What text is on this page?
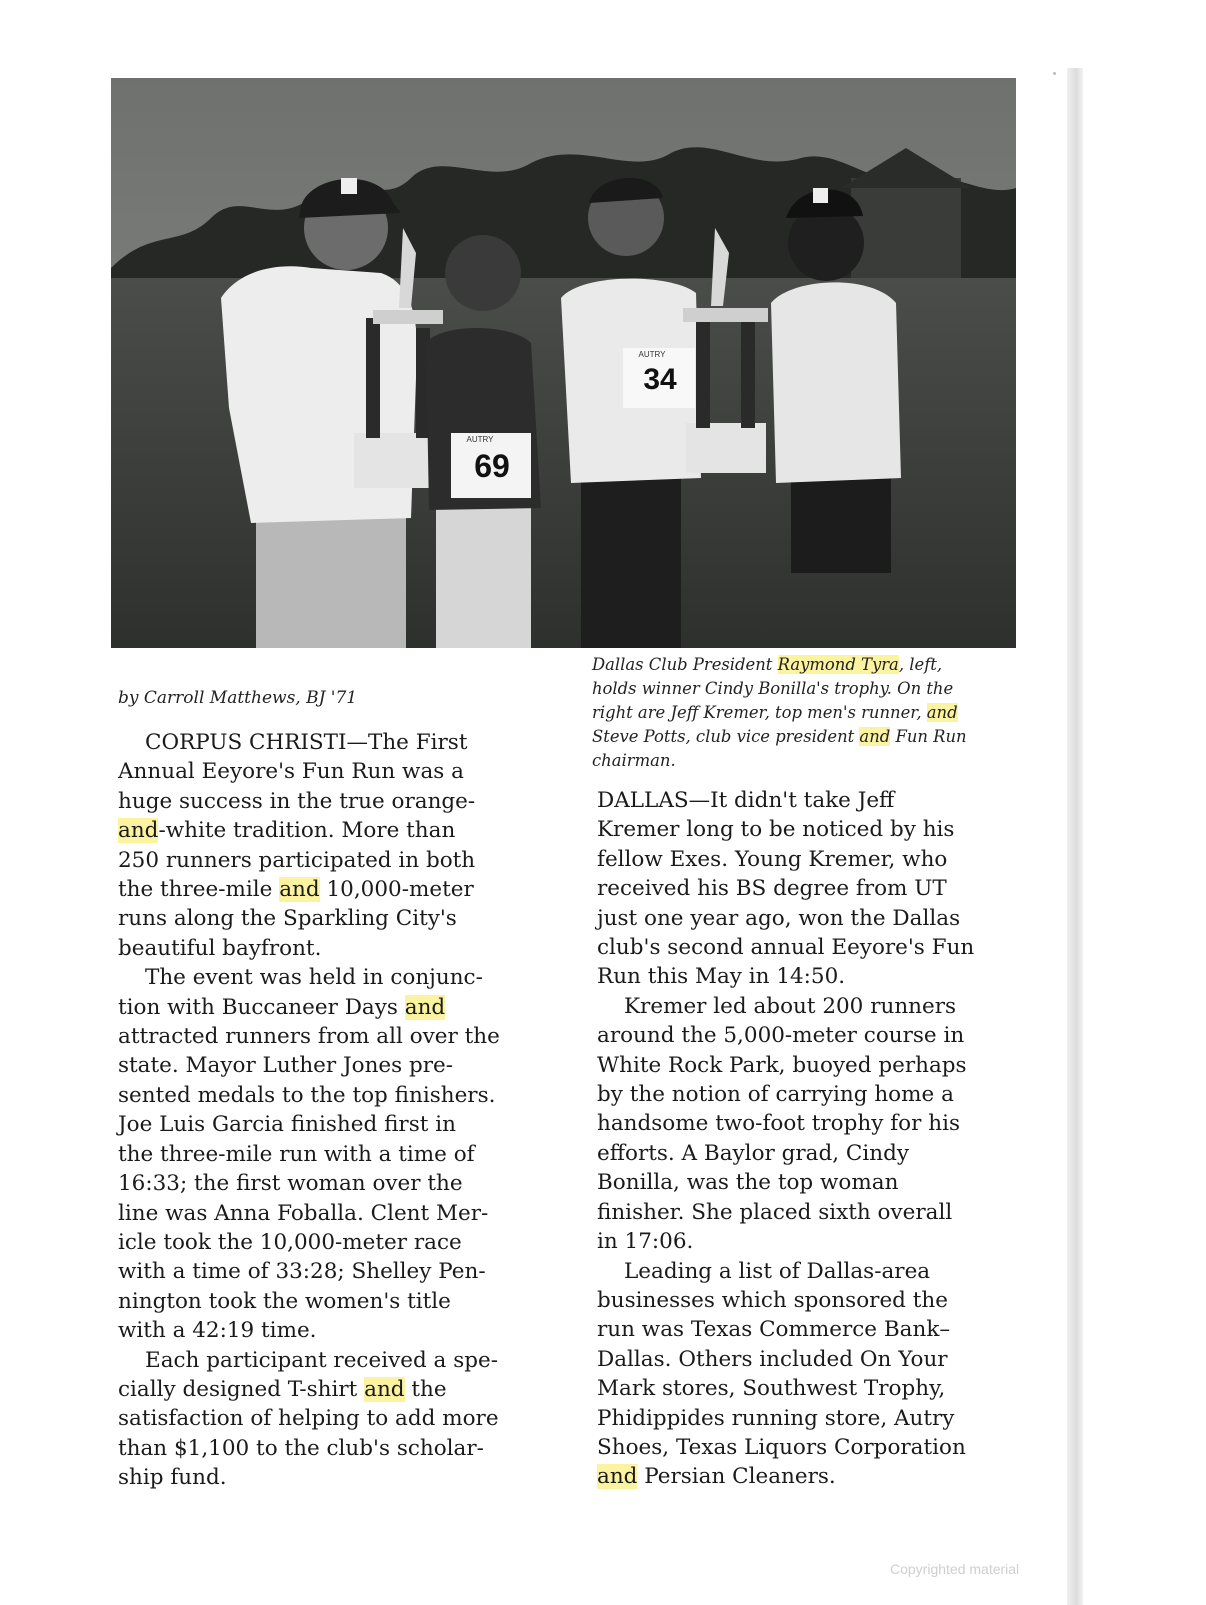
AUTRY
69
AUTRY
34
by Carroll Matthews, BJ '71
Dallas Club President Raymond Tyra, left,
holds winner Cindy Bonilla's trophy. On the
right are Jeff Kremer, top men's runner, and
Steve Potts, club vice president and Fun Run
chairman.
CORPUS CHRISTI—The First
Annual Eeyore's Fun Run was a
huge success in the true orange-
and-white tradition. More than
250 runners participated in both
the three-mile and 10,000-meter
runs along the Sparkling City's
beautiful bayfront.
The event was held in conjunc-
tion with Buccaneer Days and
attracted runners from all over the
state. Mayor Luther Jones pre-
sented medals to the top finishers.
Joe Luis Garcia finished first in
the three-mile run with a time of
16:33; the first woman over the
line was Anna Foballa. Clent Mer-
icle took the 10,000-meter race
with a time of 33:28; Shelley Pen-
nington took the women's title
with a 42:19 time.
Each participant received a spe-
cially designed T-shirt and the
satisfaction of helping to add more
than $1,100 to the club's scholar-
ship fund.
DALLAS—It didn't take Jeff
Kremer long to be noticed by his
fellow Exes. Young Kremer, who
received his BS degree from UT
just one year ago, won the Dallas
club's second annual Eeyore's Fun
Run this May in 14:50.
Kremer led about 200 runners
around the 5,000-meter course in
White Rock Park, buoyed perhaps
by the notion of carrying home a
handsome two-foot trophy for his
efforts. A Baylor grad, Cindy
Bonilla, was the top woman
finisher. She placed sixth overall
in 17:06.
Leading a list of Dallas-area
businesses which sponsored the
run was Texas Commerce Bank–
Dallas. Others included On Your
Mark stores, Southwest Trophy,
Phidippides running store, Autry
Shoes, Texas Liquors Corporation
and Persian Cleaners.
Copyrighted material
